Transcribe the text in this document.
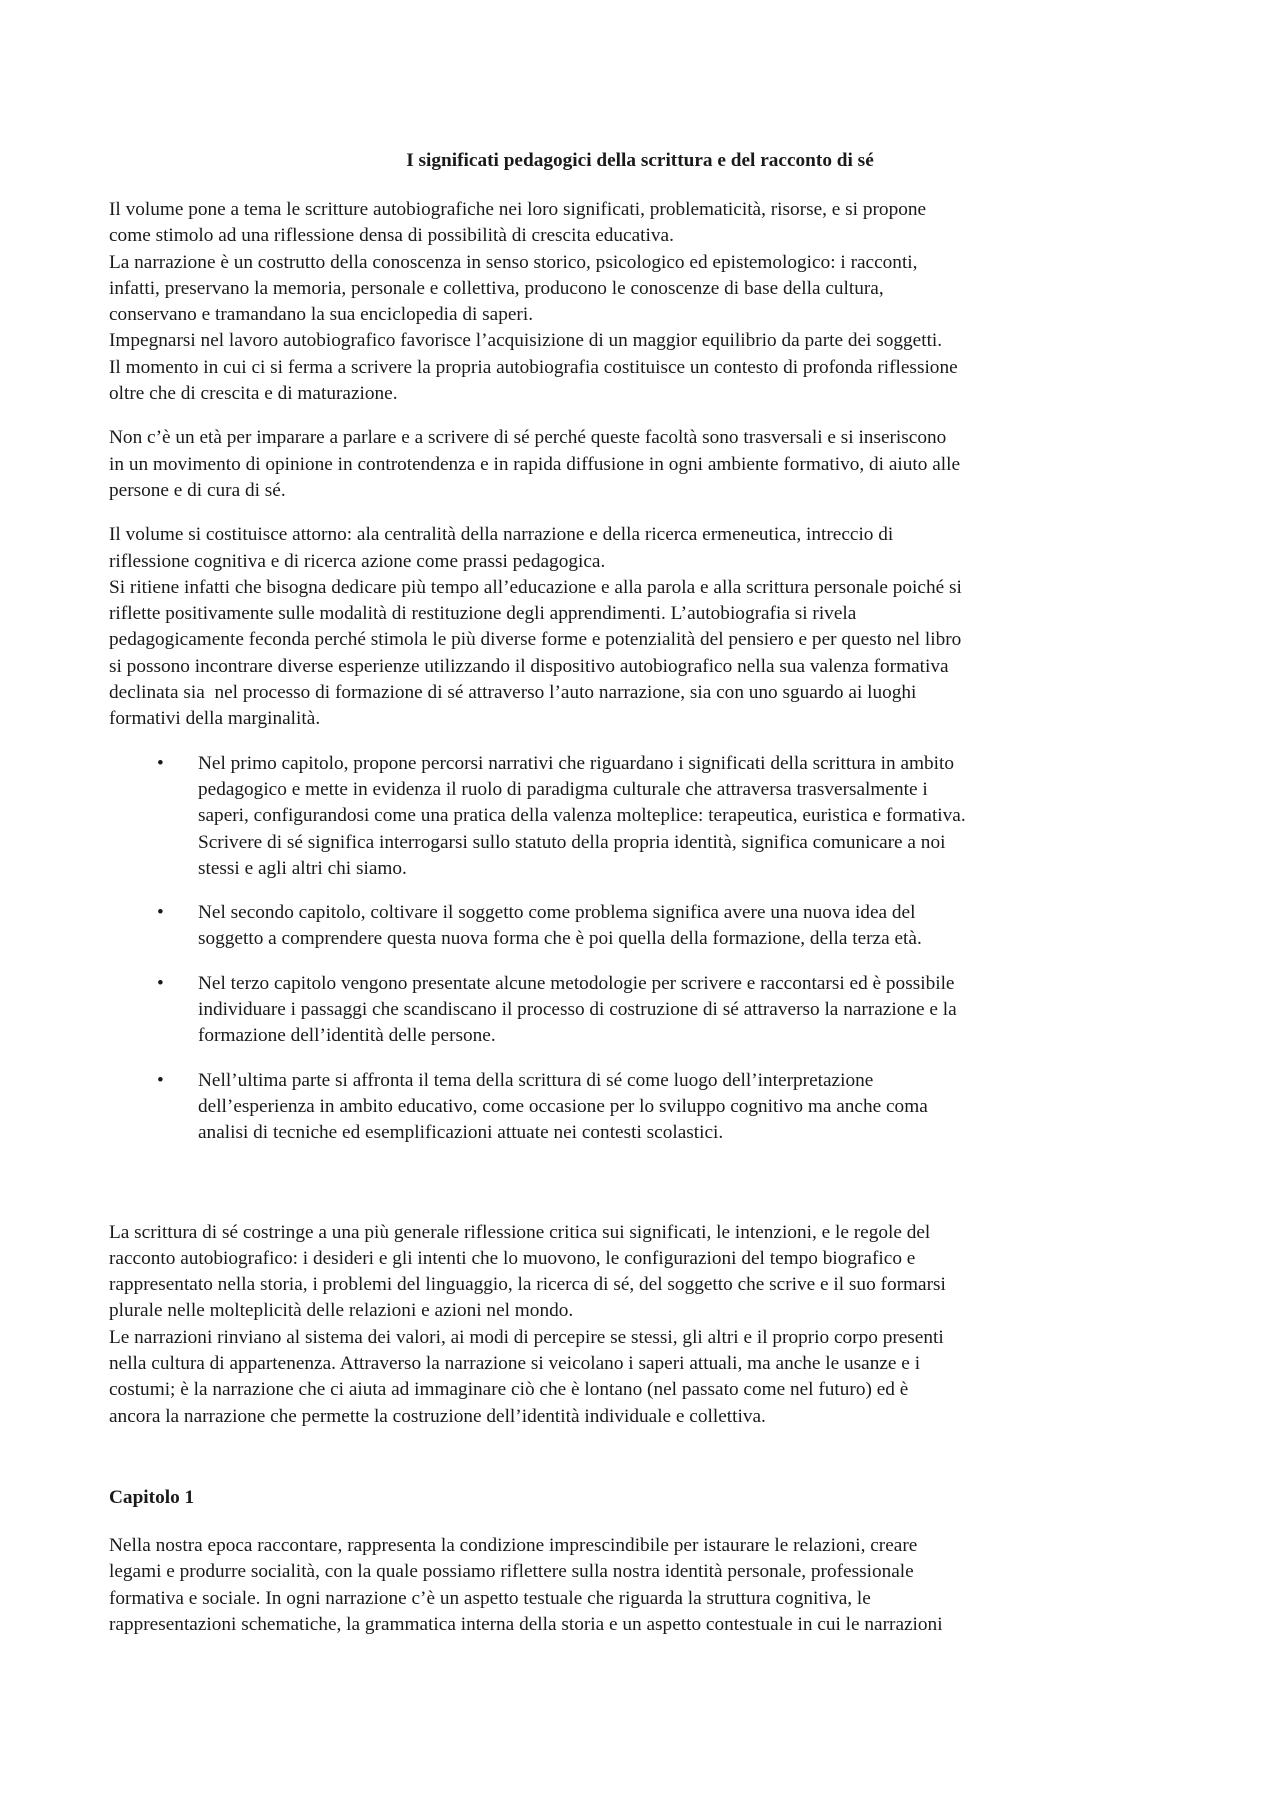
I significati pedagogici della scrittura e del racconto di sé
Il volume pone a tema le scritture autobiografiche nei loro significati, problematicità, risorse, e si propone
come stimolo ad una riflessione densa di possibilità di crescita educativa.
La narrazione è un costrutto della conoscenza in senso storico, psicologico ed epistemologico: i racconti,
infatti, preservano la memoria, personale e collettiva, producono le conoscenze di base della cultura,
conservano e tramandano la sua enciclopedia di saperi.
Impegnarsi nel lavoro autobiografico favorisce l’acquisizione di un maggior equilibrio da parte dei soggetti.
Il momento in cui ci si ferma a scrivere la propria autobiografia costituisce un contesto di profonda riflessione
oltre che di crescita e di maturazione.
Non c’è un età per imparare a parlare e a scrivere di sé perché queste facoltà sono trasversali e si inseriscono
in un movimento di opinione in controtendenza e in rapida diffusione in ogni ambiente formativo, di aiuto alle
persone e di cura di sé.
Il volume si costituisce attorno: ala centralità della narrazione e della ricerca ermeneutica, intreccio di
riflessione cognitiva e di ricerca azione come prassi pedagogica.
Si ritiene infatti che bisogna dedicare più tempo all’educazione e alla parola e alla scrittura personale poiché si
riflette positivamente sulle modalità di restituzione degli apprendimenti. L’autobiografia si rivela
pedagogicamente feconda perché stimola le più diverse forme e potenzialità del pensiero e per questo nel libro
si possono incontrare diverse esperienze utilizzando il dispositivo autobiografico nella sua valenza formativa
declinata sia  nel processo di formazione di sé attraverso l’auto narrazione, sia con uno sguardo ai luoghi
formativi della marginalità.
• Nel primo capitolo, propone percorsi narrativi che riguardano i significati della scrittura in ambito
pedagogico e mette in evidenza il ruolo di paradigma culturale che attraversa trasversalmente i
saperi, configurandosi come una pratica della valenza molteplice: terapeutica, euristica e formativa.
Scrivere di sé significa interrogarsi sullo statuto della propria identità, significa comunicare a noi
stessi e agli altri chi siamo.
• Nel secondo capitolo, coltivare il soggetto come problema significa avere una nuova idea del
soggetto a comprendere questa nuova forma che è poi quella della formazione, della terza età.
• Nel terzo capitolo vengono presentate alcune metodologie per scrivere e raccontarsi ed è possibile
individuare i passaggi che scandiscano il processo di costruzione di sé attraverso la narrazione e la
formazione dell’identità delle persone.
• Nell’ultima parte si affronta il tema della scrittura di sé come luogo dell’interpretazione
dell’esperienza in ambito educativo, come occasione per lo sviluppo cognitivo ma anche coma
analisi di tecniche ed esemplificazioni attuate nei contesti scolastici.
La scrittura di sé costringe a una più generale riflessione critica sui significati, le intenzioni, e le regole del
racconto autobiografico: i desideri e gli intenti che lo muovono, le configurazioni del tempo biografico e
rappresentato nella storia, i problemi del linguaggio, la ricerca di sé, del soggetto che scrive e il suo formarsi
plurale nelle molteplicità delle relazioni e azioni nel mondo.
Le narrazioni rinviano al sistema dei valori, ai modi di percepire se stessi, gli altri e il proprio corpo presenti
nella cultura di appartenenza. Attraverso la narrazione si veicolano i saperi attuali, ma anche le usanze e i
costumi; è la narrazione che ci aiuta ad immaginare ciò che è lontano (nel passato come nel futuro) ed è
ancora la narrazione che permette la costruzione dell’identità individuale e collettiva.
Capitolo 1
Nella nostra epoca raccontare, rappresenta la condizione imprescindibile per istaurare le relazioni, creare
legami e produrre socialità, con la quale possiamo riflettere sulla nostra identità personale, professionale
formativa e sociale. In ogni narrazione c’è un aspetto testuale che riguarda la struttura cognitiva, le
rappresentazioni schematiche, la grammatica interna della storia e un aspetto contestuale in cui le narrazioni
